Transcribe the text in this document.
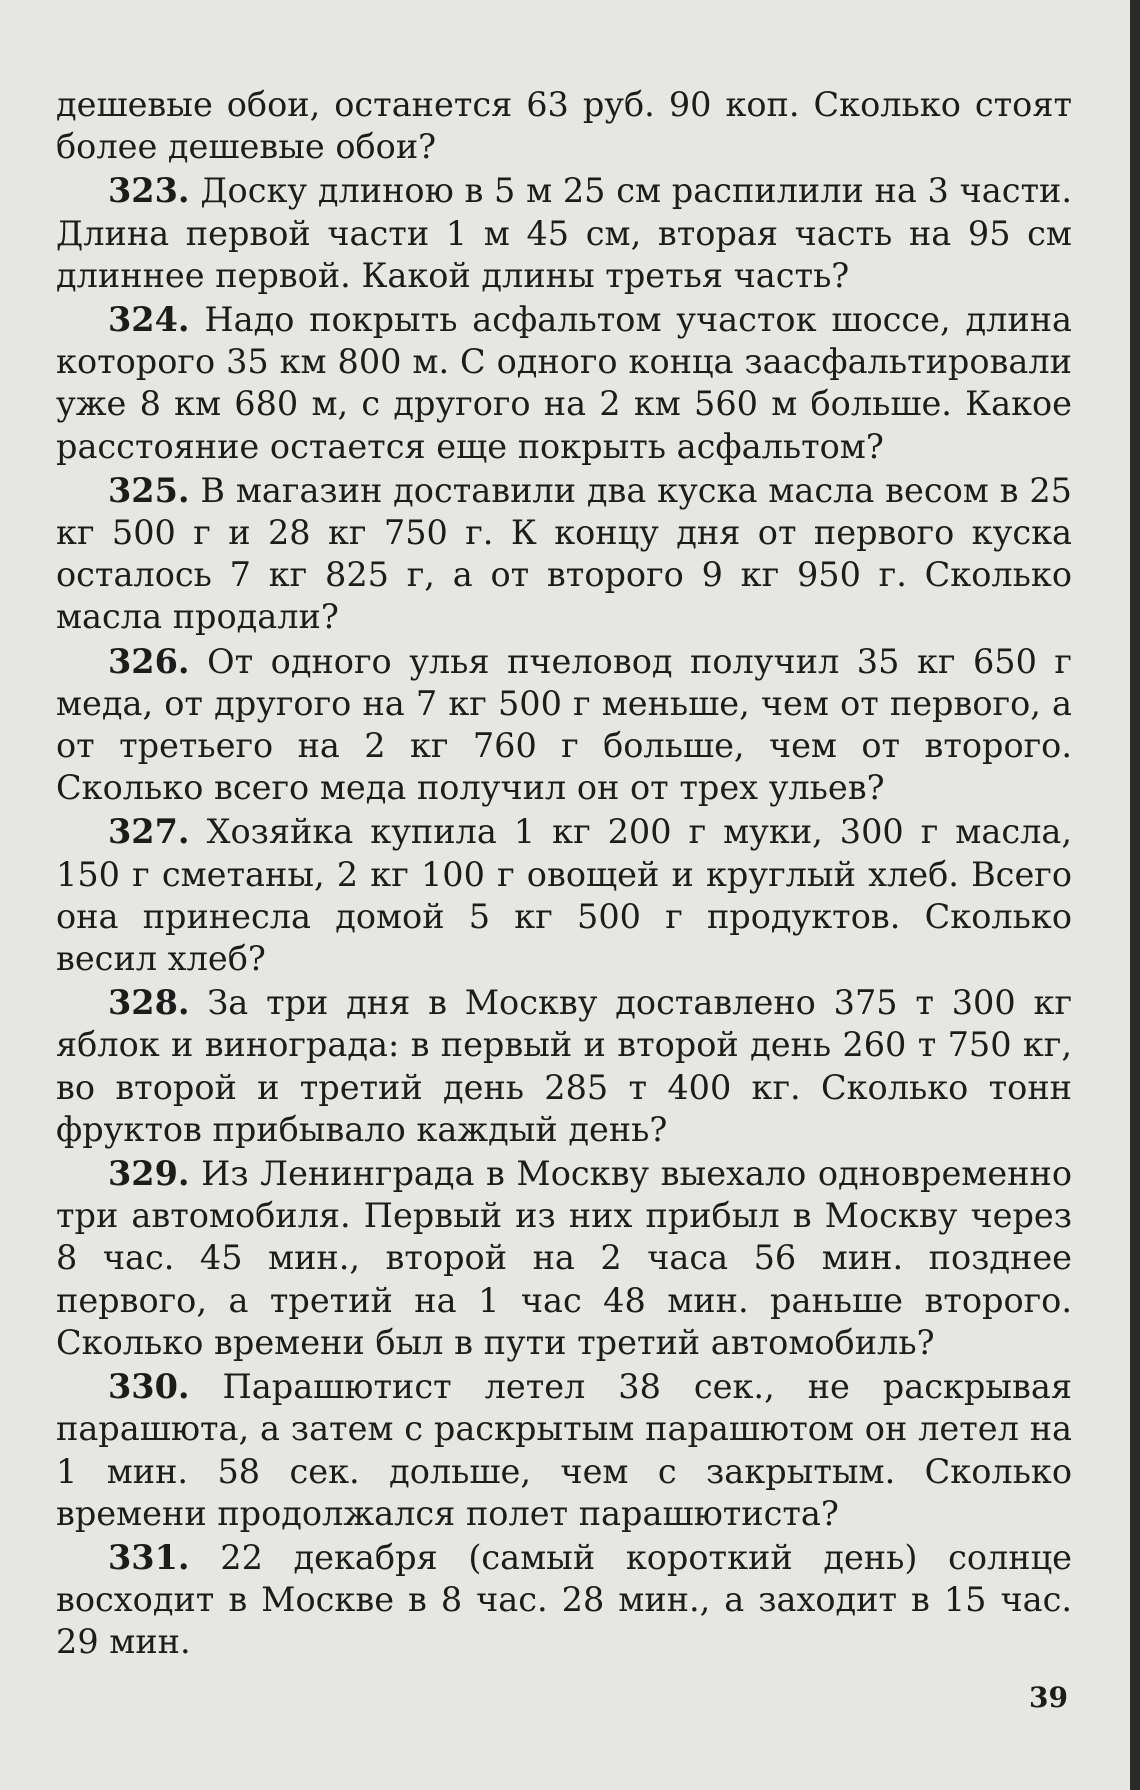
дешевые обои, останется 63 руб. 90 коп. Сколько стоят более дешевые обои?

323. Доску длиною в 5 м 25 см распилили на 3 части. Длина первой части 1 м 45 см, вторая часть на 95 см длиннее первой. Какой длины третья часть?

324. Надо покрыть асфальтом участок шоссе, длина которого 35 км 800 м. С одного конца заасфальтировали уже 8 км 680 м, с другого на 2 км 560 м больше. Какое расстояние остается еще покрыть асфальтом?

325. В магазин доставили два куска масла весом в 25 кг 500 г и 28 кг 750 г. К концу дня от первого куска осталось 7 кг 825 г, а от второго 9 кг 950 г. Сколько масла продали?

326. От одного улья пчеловод получил 35 кг 650 г меда, от другого на 7 кг 500 г меньше, чем от первого, а от третьего на 2 кг 760 г больше, чем от второго. Сколько всего меда получил он от трех ульев?

327. Хозяйка купила 1 кг 200 г муки, 300 г масла, 150 г сметаны, 2 кг 100 г овощей и круглый хлеб. Всего она принесла домой 5 кг 500 г продуктов. Сколько весил хлеб?

328. За три дня в Москву доставлено 375 т 300 кг яблок и винограда: в первый и второй день 260 т 750 кг, во второй и третий день 285 т 400 кг. Сколько тонн фруктов прибывало каждый день?

329. Из Ленинграда в Москву выехало одновременно три автомобиля. Первый из них прибыл в Москву через 8 час. 45 мин., второй на 2 часа 56 мин. позднее первого, а третий на 1 час 48 мин. раньше второго. Сколько времени был в пути третий автомобиль?

330. Парашютист летел 38 сек., не раскрывая парашюта, а затем с раскрытым парашютом он летел на 1 мин. 58 сек. дольше, чем с закрытым. Сколько времени продолжался полет парашютиста?

331. 22 декабря (самый короткий день) солнце восходит в Москве в 8 час. 28 мин., а заходит в 15 час. 29 мин.

39
